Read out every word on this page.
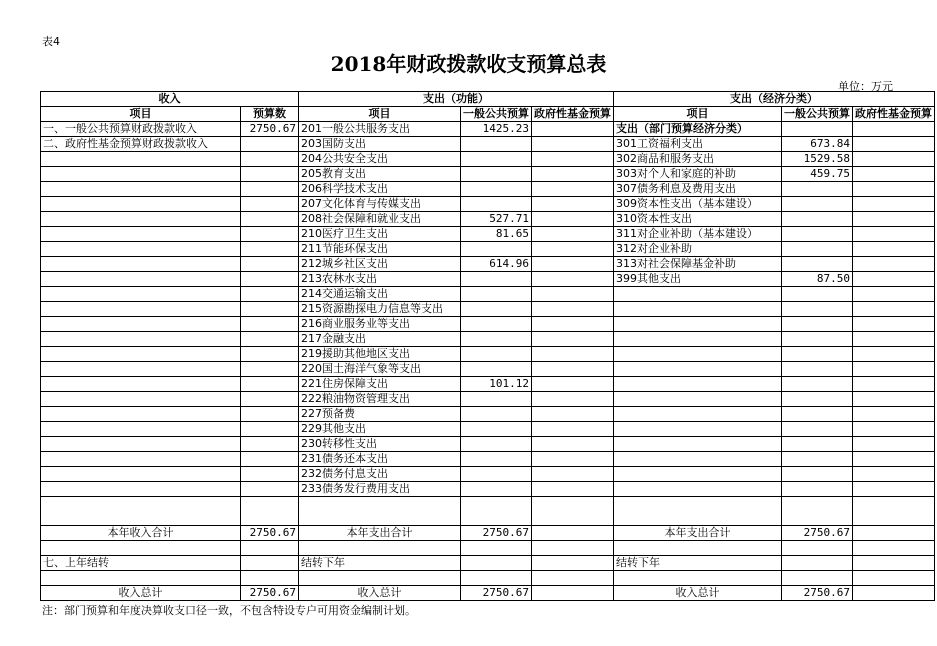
表4
2018年财政拨款收支预算总表
单位：万元
收入		支出（功能）			支出（经济分类）		
项目	预算数	项目	一般公共预算	政府性基金预算	项目	一般公共预算	政府性基金预算
一、一般公共预算财政拨款收入	2750.67	201一般公共服务支出	1425.23		支出（部门预算经济分类）		
二、政府性基金预算财政拨款收入		203国防支出			301工资福利支出	673.84	
		204公共安全支出			302商品和服务支出	1529.58	
		205教育支出			303对个人和家庭的补助	459.75	
		206科学技术支出			307债务利息及费用支出		
		207文化体育与传媒支出			309资本性支出（基本建设）		
		208社会保障和就业支出	527.71		310资本性支出		
		210医疗卫生支出	81.65		311对企业补助（基本建设）		
		211节能环保支出			312对企业补助		
		212城乡社区支出	614.96		313对社会保障基金补助		
		213农林水支出			399其他支出	87.50	
		214交通运输支出					
		215资源勘探电力信息等支出					
		216商业服务业等支出					
		217金融支出					
		219援助其他地区支出					
		220国土海洋气象等支出					
		221住房保障支出	101.12				
		222粮油物资管理支出					
		227预备费					
		229其他支出					
		230转移性支出					
		231债务还本支出					
		232债务付息支出					
		233债务发行费用支出					

本年收入合计	2750.67	本年支出合计	2750.67		本年支出合计	2750.67	

七、上年结转		结转下年			结转下年		

收入总计	2750.67	收入总计	2750.67		收入总计	2750.67	
注：部门预算和年度决算收支口径一致，不包含特设专户可用资金编制计划。
